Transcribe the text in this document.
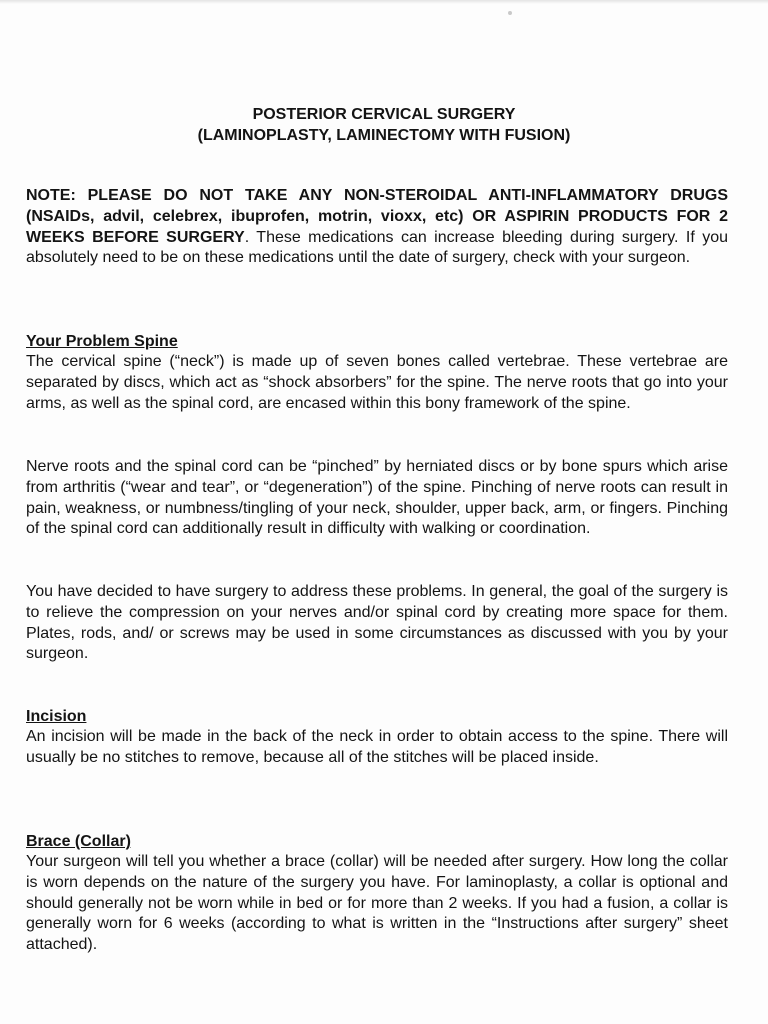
POSTERIOR CERVICAL SURGERY
(LAMINOPLASTY, LAMINECTOMY WITH FUSION)

NOTE: PLEASE DO NOT TAKE ANY NON-STEROIDAL ANTI-INFLAMMATORY DRUGS (NSAIDs, advil, celebrex, ibuprofen, motrin, vioxx, etc) OR ASPIRIN PRODUCTS FOR 2 WEEKS BEFORE SURGERY. These medications can increase bleeding during surgery. If you absolutely need to be on these medications until the date of surgery, check with your surgeon.

Your Problem Spine

The cervical spine (“neck”) is made up of seven bones called vertebrae. These vertebrae are separated by discs, which act as “shock absorbers” for the spine. The nerve roots that go into your arms, as well as the spinal cord, are encased within this bony framework of the spine.

Nerve roots and the spinal cord can be “pinched” by herniated discs or by bone spurs which arise from arthritis (“wear and tear”, or “degeneration”) of the spine. Pinching of nerve roots can result in pain, weakness, or numbness/tingling of your neck, shoulder, upper back, arm, or fingers. Pinching of the spinal cord can additionally result in difficulty with walking or coordination.

You have decided to have surgery to address these problems. In general, the goal of the surgery is to relieve the compression on your nerves and/or spinal cord by creating more space for them. Plates, rods, and/ or screws may be used in some circumstances as discussed with you by your surgeon.

Incision

An incision will be made in the back of the neck in order to obtain access to the spine. There will usually be no stitches to remove, because all of the stitches will be placed inside.

Brace (Collar)

Your surgeon will tell you whether a brace (collar) will be needed after surgery. How long the collar is worn depends on the nature of the surgery you have. For laminoplasty, a collar is optional and should generally not be worn while in bed or for more than 2 weeks. If you had a fusion, a collar is generally worn for 6 weeks (according to what is written in the “Instructions after surgery” sheet attached).
